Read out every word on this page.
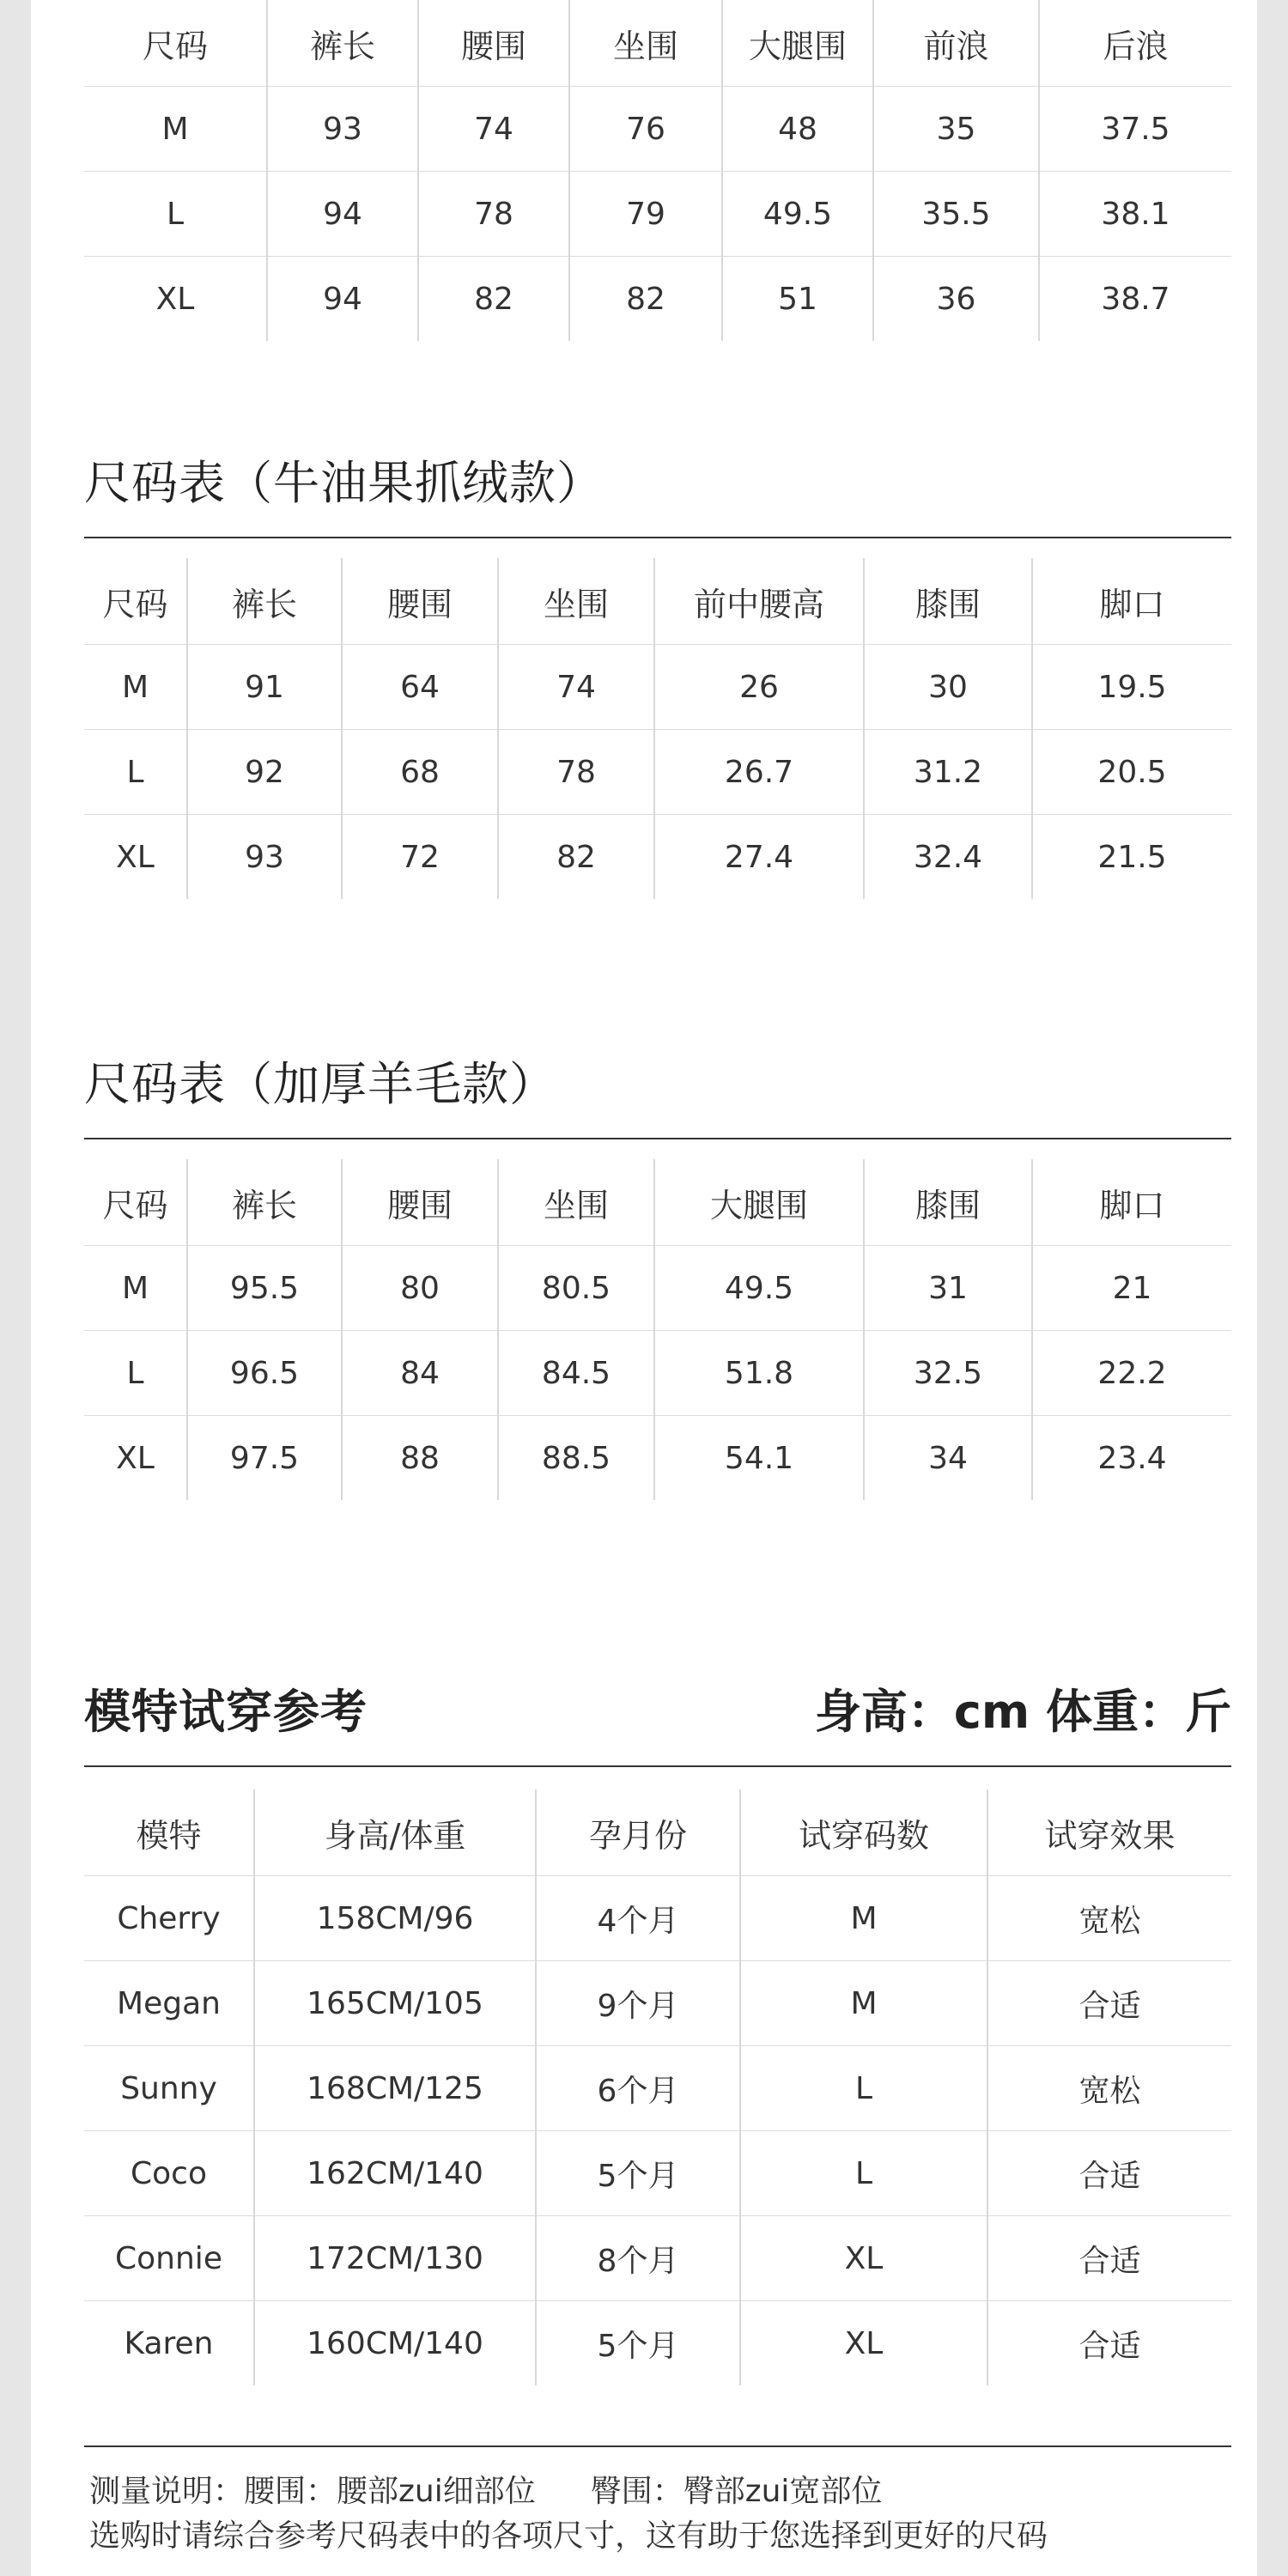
尺码	裤长	腰围	坐围	大腿围	前浪	后浪
M	93	74	76	48	35	37.5
L	94	78	79	49.5	35.5	38.1
XL	94	82	82	51	36	38.7
尺码表（牛油果抓绒款）
尺码	裤长	腰围	坐围	前中腰高	膝围	脚口
M	91	64	74	26	30	19.5
L	92	68	78	26.7	31.2	20.5
XL	93	72	82	27.4	32.4	21.5
尺码表（加厚羊毛款）
尺码	裤长	腰围	坐围	大腿围	膝围	脚口
M	95.5	80	80.5	49.5	31	21
L	96.5	84	84.5	51.8	32.5	22.2
XL	97.5	88	88.5	54.1	34	23.4
模特试穿参考	身高：cm 体重：斤
模特	身高/体重	孕月份	试穿码数	试穿效果
Cherry	158CM/96	4个月	M	宽松
Megan	165CM/105	9个月	M	合适
Sunny	168CM/125	6个月	L	宽松
Coco	162CM/140	5个月	L	合适
Connie	172CM/130	8个月	XL	合适
Karen	160CM/140	5个月	XL	合适
测量说明：腰围：腰部zui细部位 臀围：臀部zui宽部位
选购时请综合参考尺码表中的各项尺寸，这有助于您选择到更好的尺码
